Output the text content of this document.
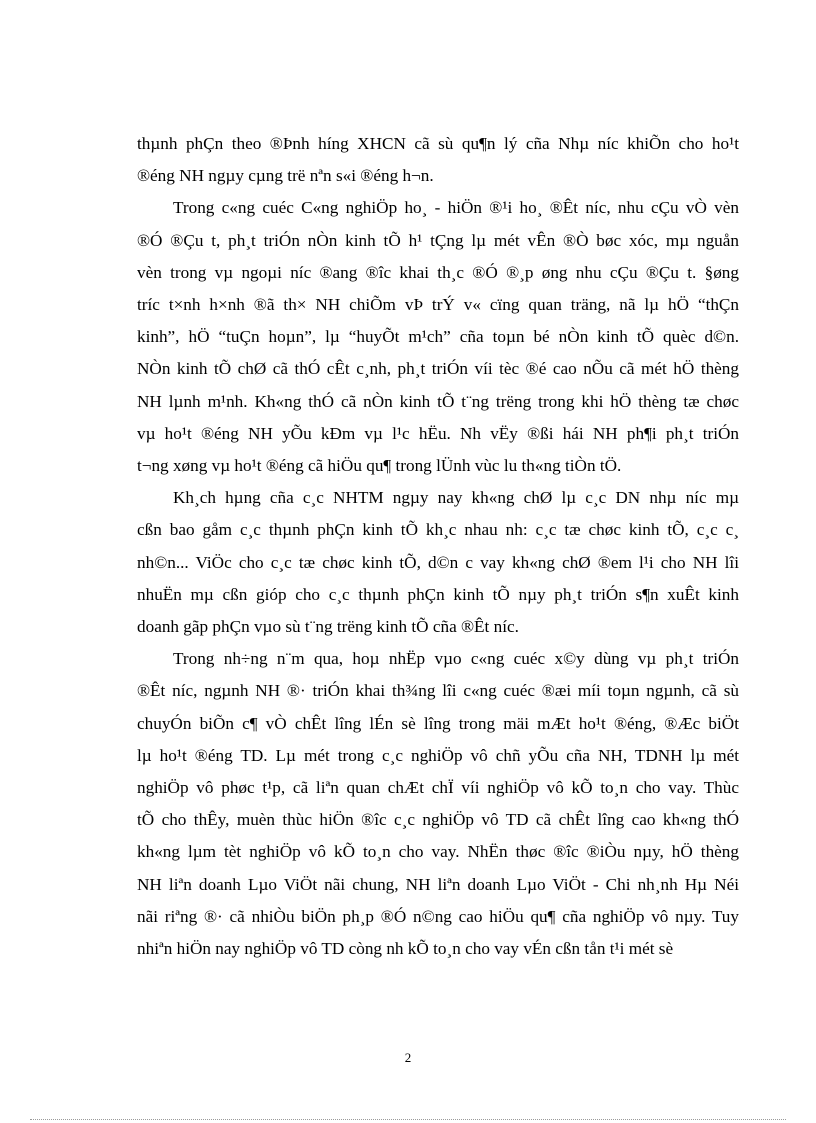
thµnh phÇn theo ®Þnh híng XHCN cã sù qu¶n lý cña Nhµ níc khiÕn cho ho¹t
®éng NH ngµy cµng trë nªn s«i ®éng h¬n.
Trong c«ng cuéc C«ng nghiÖp ho¸ - hiÖn ®¹i ho¸ ®Êt níc, nhu cÇu vÒ vèn
®Ó ®Çu t, ph¸t triÓn nÒn kinh tÕ h¹ tÇng lµ mét vÊn ®Ò bøc xóc, mµ nguån
vèn trong vµ ngoµi níc ®ang ®îc khai th¸c ®Ó ®¸p øng nhu cÇu ®Çu t. §øng
tríc t×nh h×nh ®ã th× NH chiÕm vÞ trÝ v« cïng quan träng, nã lµ hÖ “thÇn
kinh”, hÖ “tuÇn hoµn”, lµ “huyÕt m¹ch” cña toµn bé nÒn kinh tÕ quèc d©n.
NÒn kinh tÕ chØ cã thÓ cÊt c¸nh, ph¸t triÓn víi tèc ®é cao nÕu cã mét hÖ thèng
NH lµnh m¹nh. Kh«ng thÓ cã nÒn kinh tÕ t¨ng trëng trong khi hÖ thèng tæ chøc
vµ ho¹t ®éng NH yÕu kÐm vµ l¹c hËu. Nh vËy ®ßi hái NH ph¶i ph¸t triÓn
t¬ng xøng vµ ho¹t ®éng cã hiÖu qu¶ trong lÜnh vùc lu th«ng tiÒn tÖ.
Kh¸ch hµng cña c¸c NHTM ngµy nay kh«ng chØ lµ c¸c DN nhµ níc mµ
cßn bao gåm c¸c thµnh phÇn kinh tÕ kh¸c nhau nh: c¸c tæ chøc kinh tÕ, c¸c c¸
nh©n... ViÖc cho c¸c tæ chøc kinh tÕ, d©n c vay kh«ng chØ ®em l¹i cho NH lîi
nhuËn mµ cßn gióp cho c¸c thµnh phÇn kinh tÕ nµy ph¸t triÓn s¶n xuÊt kinh
doanh gãp phÇn vµo sù t¨ng trëng kinh tÕ cña ®Êt níc.
Trong nh÷ng n¨m qua, hoµ nhËp vµo c«ng cuéc x©y dùng vµ ph¸t triÓn
®Êt níc, ngµnh NH ®· triÓn khai th¾ng lîi c«ng cuéc ®æi míi toµn ngµnh, cã sù
chuyÓn biÕn c¶ vÒ chÊt lîng lÉn sè lîng trong mäi mÆt ho¹t ®éng, ®Æc biÖt
lµ ho¹t ®éng TD. Lµ mét trong c¸c nghiÖp vô chñ yÕu cña NH, TDNH lµ mét
nghiÖp vô phøc t¹p, cã liªn quan chÆt chÏ víi nghiÖp vô kÕ to¸n cho vay. Thùc
tÕ cho thÊy, muèn thùc hiÖn ®îc c¸c nghiÖp vô TD cã chÊt lîng cao kh«ng thÓ
kh«ng lµm tèt nghiÖp vô kÕ to¸n cho vay. NhËn thøc ®îc ®iÒu nµy, hÖ thèng
NH liªn doanh Lµo ViÖt nãi chung, NH liªn doanh Lµo ViÖt - Chi nh¸nh Hµ Néi
nãi riªng ®· cã nhiÒu biÖn ph¸p ®Ó n©ng cao hiÖu qu¶ cña nghiÖp vô nµy. Tuy
nhiªn hiÖn nay nghiÖp vô TD còng nh kÕ to¸n cho vay vÉn cßn tån t¹i mét sè
2
